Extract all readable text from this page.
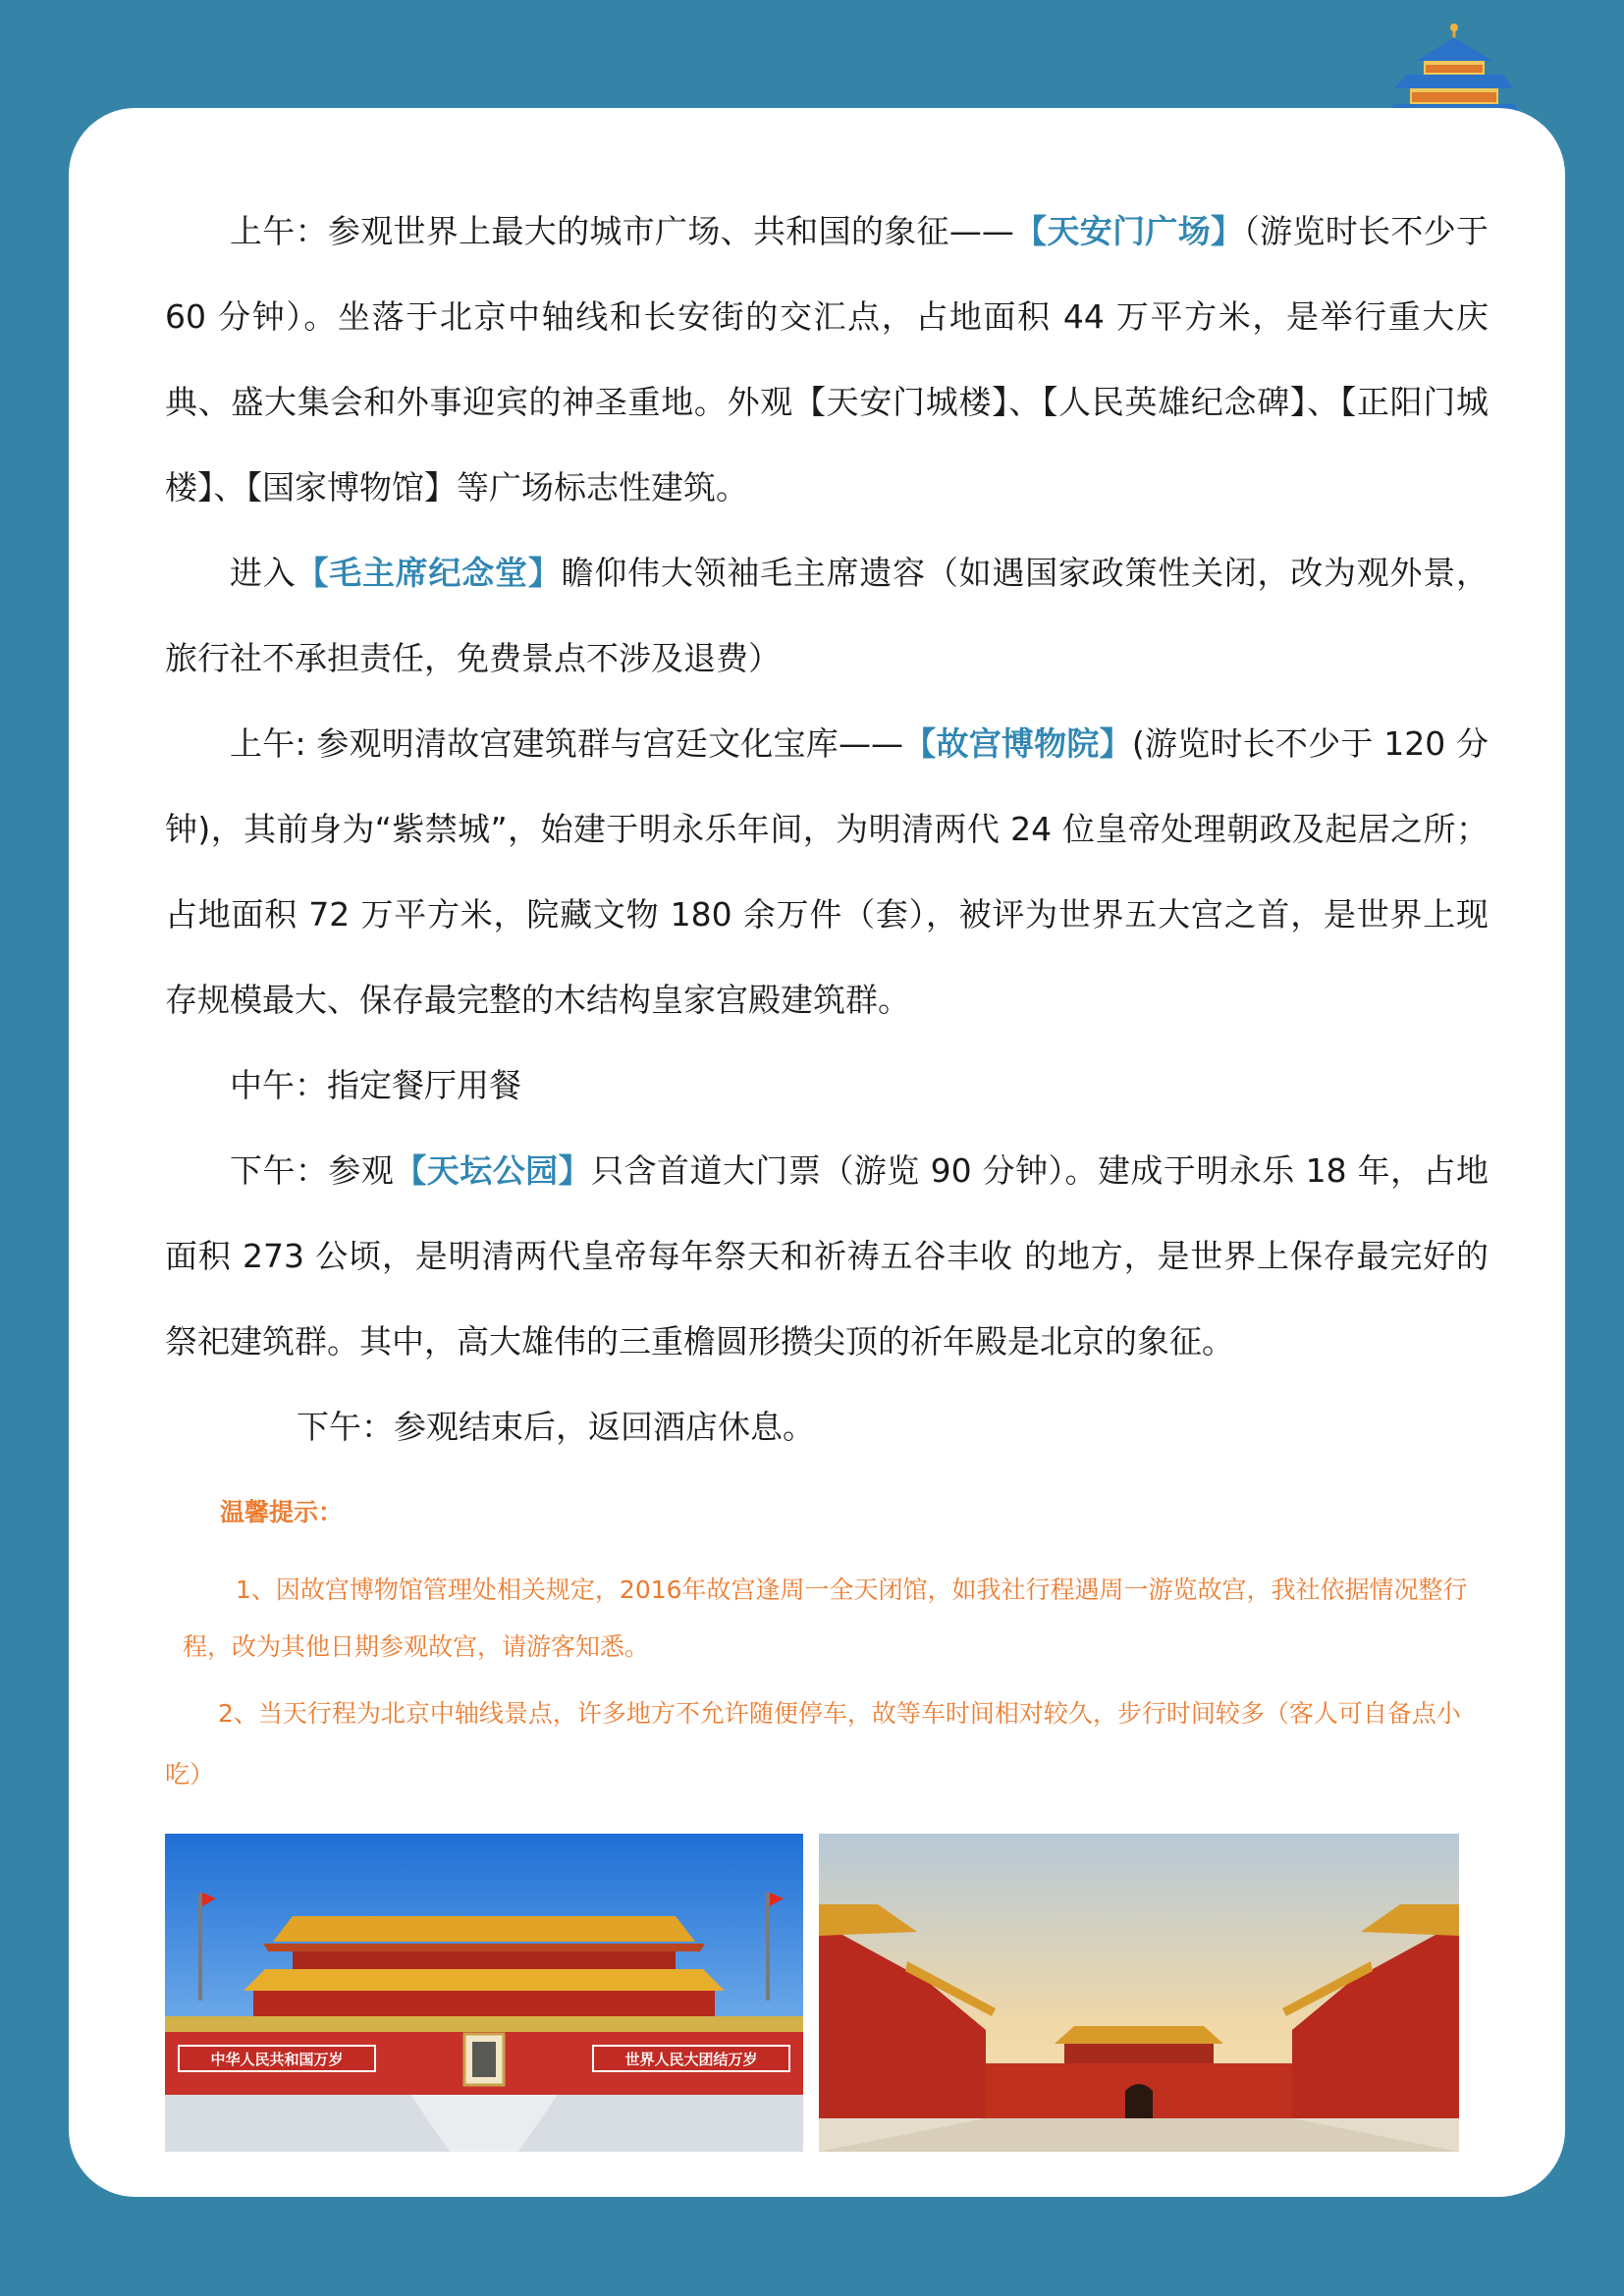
上午：参观世界上最大的城市广场、共和国的象征——【天安门广场】（游览时长不少于 60 分钟）。坐落于北京中轴线和长安街的交汇点，占地面积 44 万平方米，是举行重大庆典、盛大集会和外事迎宾的神圣重地。外观【天安门城楼】、【人民英雄纪念碑】、【正阳门城楼】、【国家博物馆】等广场标志性建筑。

进入【毛主席纪念堂】瞻仰伟大领袖毛主席遗容（如遇国家政策性关闭，改为观外景，旅行社不承担责任，免费景点不涉及退费）

上午: 参观明清故宫建筑群与宫廷文化宝库——【故宫博物院】(游览时长不少于 120 分钟)，其前身为“紫禁城”，始建于明永乐年间，为明清两代 24 位皇帝处理朝政及起居之所；占地面积 72 万平方米，院藏文物 180 余万件（套），被评为世界五大宫之首，是世界上现存规模最大、保存最完整的木结构皇家宫殿建筑群。

中午：指定餐厅用餐

下午：参观【天坛公园】只含首道大门票（游览 90 分钟）。建成于明永乐 18 年，占地面积 273 公顷，是明清两代皇帝每年祭天和祈祷五谷丰收 的地方，是世界上保存最完好的祭祀建筑群。其中，高大雄伟的三重檐圆形攒尖顶的祈年殿是北京的象征。

下午：参观结束后，返回酒店休息。

温馨提示：

1、因故宫博物馆管理处相关规定，2016年故宫逢周一全天闭馆，如我社行程遇周一游览故宫，我社依据情况整行程，改为其他日期参观故宫，请游客知悉。

2、当天行程为北京中轴线景点，许多地方不允许随便停车，故等车时间相对较久，步行时间较多（客人可自备点小吃）

中华人民共和国万岁	世界人民大团结万岁
